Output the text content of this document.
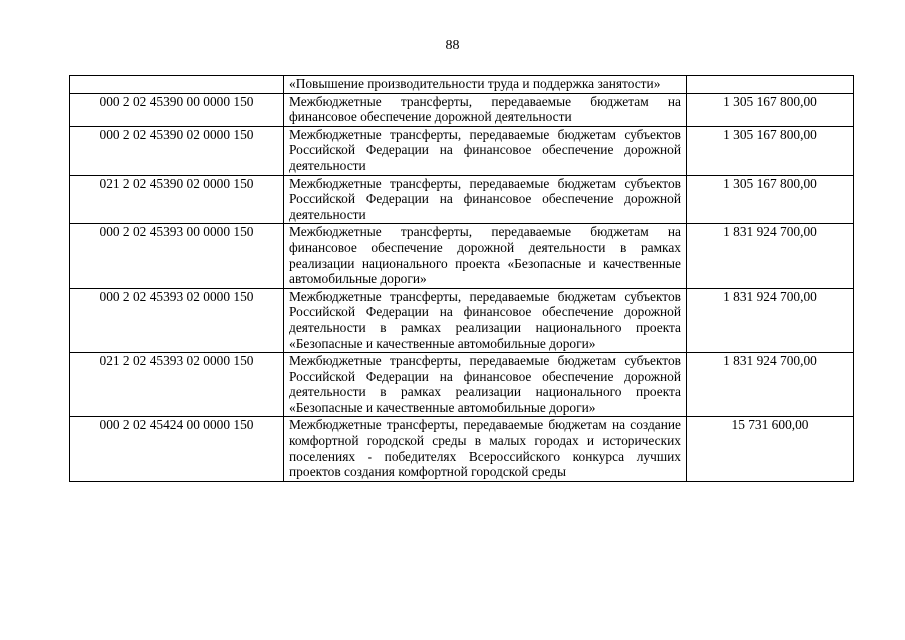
88
	«Повышение производительности труда и поддержка занятости»	
000 2 02 45390 00 0000 150	Межбюджетные трансферты, передаваемые бюджетам на финансовое обеспечение дорожной деятельности	1 305 167 800,00
000 2 02 45390 02 0000 150	Межбюджетные трансферты, передаваемые бюджетам субъектов Российской Федерации на финансовое обеспечение дорожной деятельности	1 305 167 800,00
021 2 02 45390 02 0000 150	Межбюджетные трансферты, передаваемые бюджетам субъектов Российской Федерации на финансовое обеспечение дорожной деятельности	1 305 167 800,00
000 2 02 45393 00 0000 150	Межбюджетные трансферты, передаваемые бюджетам на финансовое обеспечение дорожной деятельности в рамках реализации национального проекта «Безопасные и качественные автомобильные дороги»	1 831 924 700,00
000 2 02 45393 02 0000 150	Межбюджетные трансферты, передаваемые бюджетам субъектов Российской Федерации на финансовое обеспечение дорожной деятельности в рамках реализации национального проекта «Безопасные и качественные автомобильные дороги»	1 831 924 700,00
021 2 02 45393 02 0000 150	Межбюджетные трансферты, передаваемые бюджетам субъектов Российской Федерации на финансовое обеспечение дорожной деятельности в рамках реализации национального проекта «Безопасные и качественные автомобильные дороги»	1 831 924 700,00
000 2 02 45424 00 0000 150	Межбюджетные трансферты, передаваемые бюджетам на создание комфортной городской среды в малых городах и исторических поселениях - победителях Всероссийского конкурса лучших проектов создания комфортной городской среды	15 731 600,00
